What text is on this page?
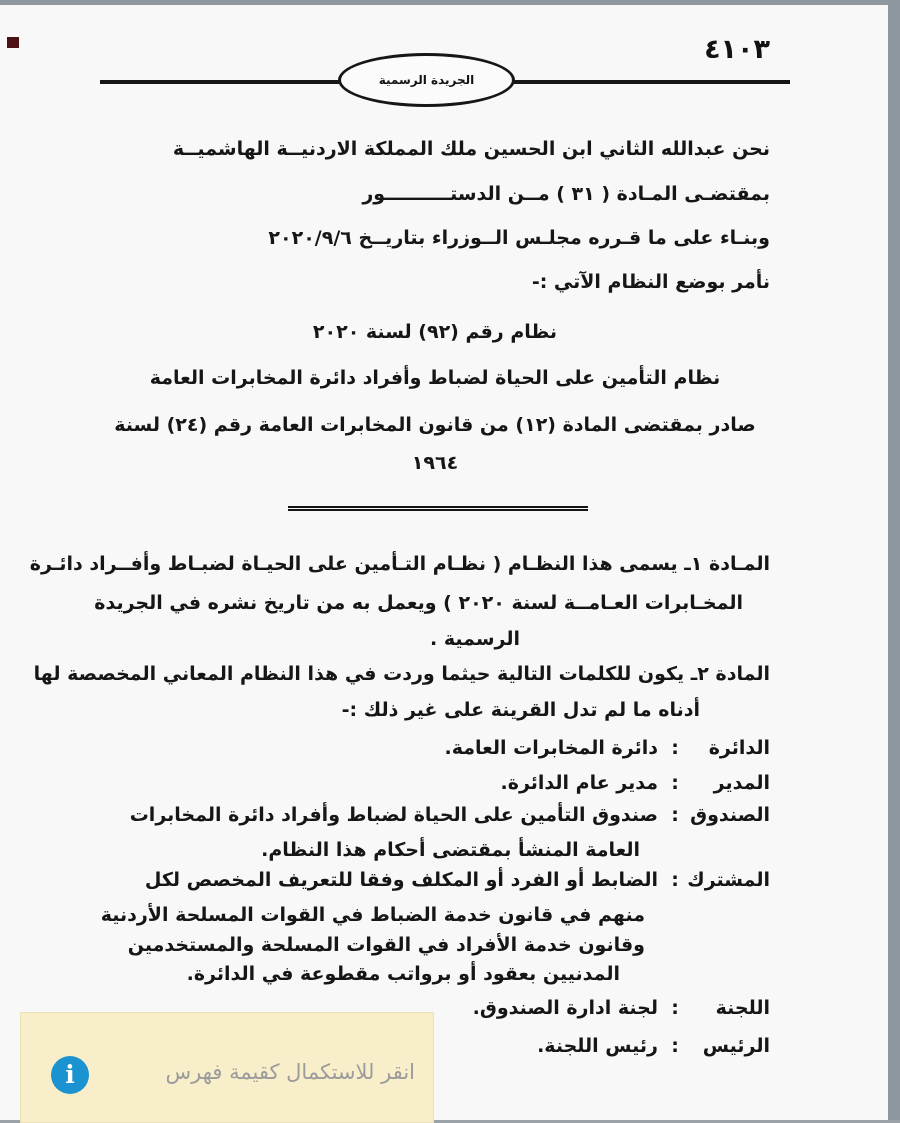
٤١٠٣
الجريدة الرسمية
نحن عبدالله الثاني ابن الحسين ملك المملكة الاردنيــة الهاشميــة
بمقتضـى المـادة ( ٣١ ) مــن الدستــــــــــور
وبنـاء على ما قـرره مجلـس الــوزراء بتاريــخ ٢٠٢٠/٩/٦
نأمر بوضع النظام الآتي :-
نظام رقم (٩٢) لسنة ٢٠٢٠
نظام التأمين على الحياة لضباط وأفراد دائرة المخابرات العامة
صادر بمقتضى المادة (١٢) من قانون المخابرات العامة رقم (٢٤) لسنة
١٩٦٤
المـادة ١ـ يسمى هذا النظـام ( نظـام التـأمين على الحيـاة لضبـاط وأفــراد دائـرة
المخـابرات العـامــة لسنة ٢٠٢٠ ) ويعمل به من تاريخ نشره في الجريدة
الرسمية .
المادة ٢ـ يكون للكلمات التالية حيثما وردت في هذا النظام المعاني المخصصة لها
أدناه ما لم تدل القرينة على غير ذلك :-
الدائرة:دائرة المخابرات العامة.
المدير:مدير عام الدائرة.
الصندوق:صندوق التأمين على الحياة لضباط وأفراد دائرة المخابرات
العامة المنشأ بمقتضى أحكام هذا النظام.
المشترك:الضابط أو الفرد أو المكلف وفقا للتعريف المخصص لكل
منهم في قانون خدمة الضباط في القوات المسلحة الأردنية
وقانون خدمة الأفراد في القوات المسلحة والمستخدمين
المدنيين بعقود أو برواتب مقطوعة في الدائرة.
اللجنة:لجنة ادارة الصندوق.
الرئيس:رئيس اللجنة.
i	انقر للاستكمال كقيمة فهرس
